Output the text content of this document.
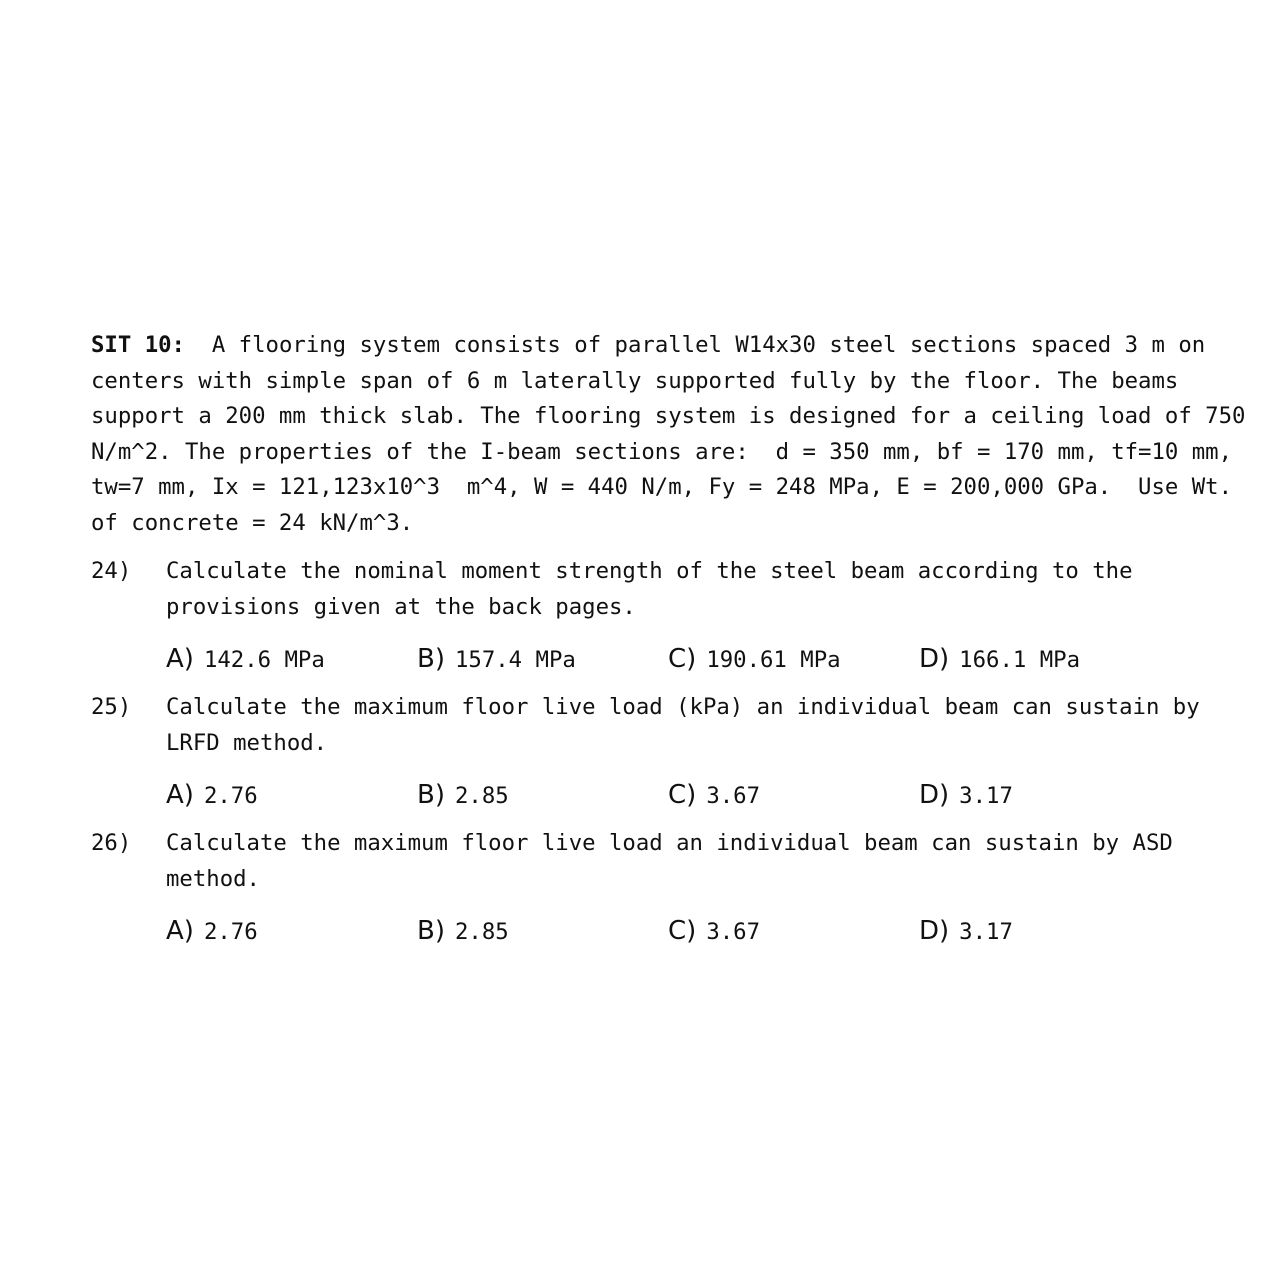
SIT 10: A flooring system consists of parallel W14x30 steel sections spaced 3 m on centers with simple span of 6 m laterally supported fully by the floor. The beams support a 200 mm thick slab. The flooring system is designed for a ceiling load of 750 N/m^2. The properties of the I-beam sections are:  d = 350 mm, bf = 170 mm, tf=10 mm, tw=7 mm, Ix = 121,123x10^3  m^4, W = 440 N/m, Fy = 248 MPa, E = 200,000 GPa.  Use Wt. of concrete = 24 kN/m^3.

24) Calculate the nominal moment strength of the steel beam according to the provisions given at the back pages.
A) 142.6 MPa	B) 157.4 MPa	C) 190.61 MPa	D) 166.1 MPa
25) Calculate the maximum floor live load (kPa) an individual beam can sustain by LRFD method.
A) 2.76	B) 2.85	C) 3.67	D) 3.17
26) Calculate the maximum floor live load an individual beam can sustain by ASD method.
A) 2.76	B) 2.85	C) 3.67	D) 3.17
